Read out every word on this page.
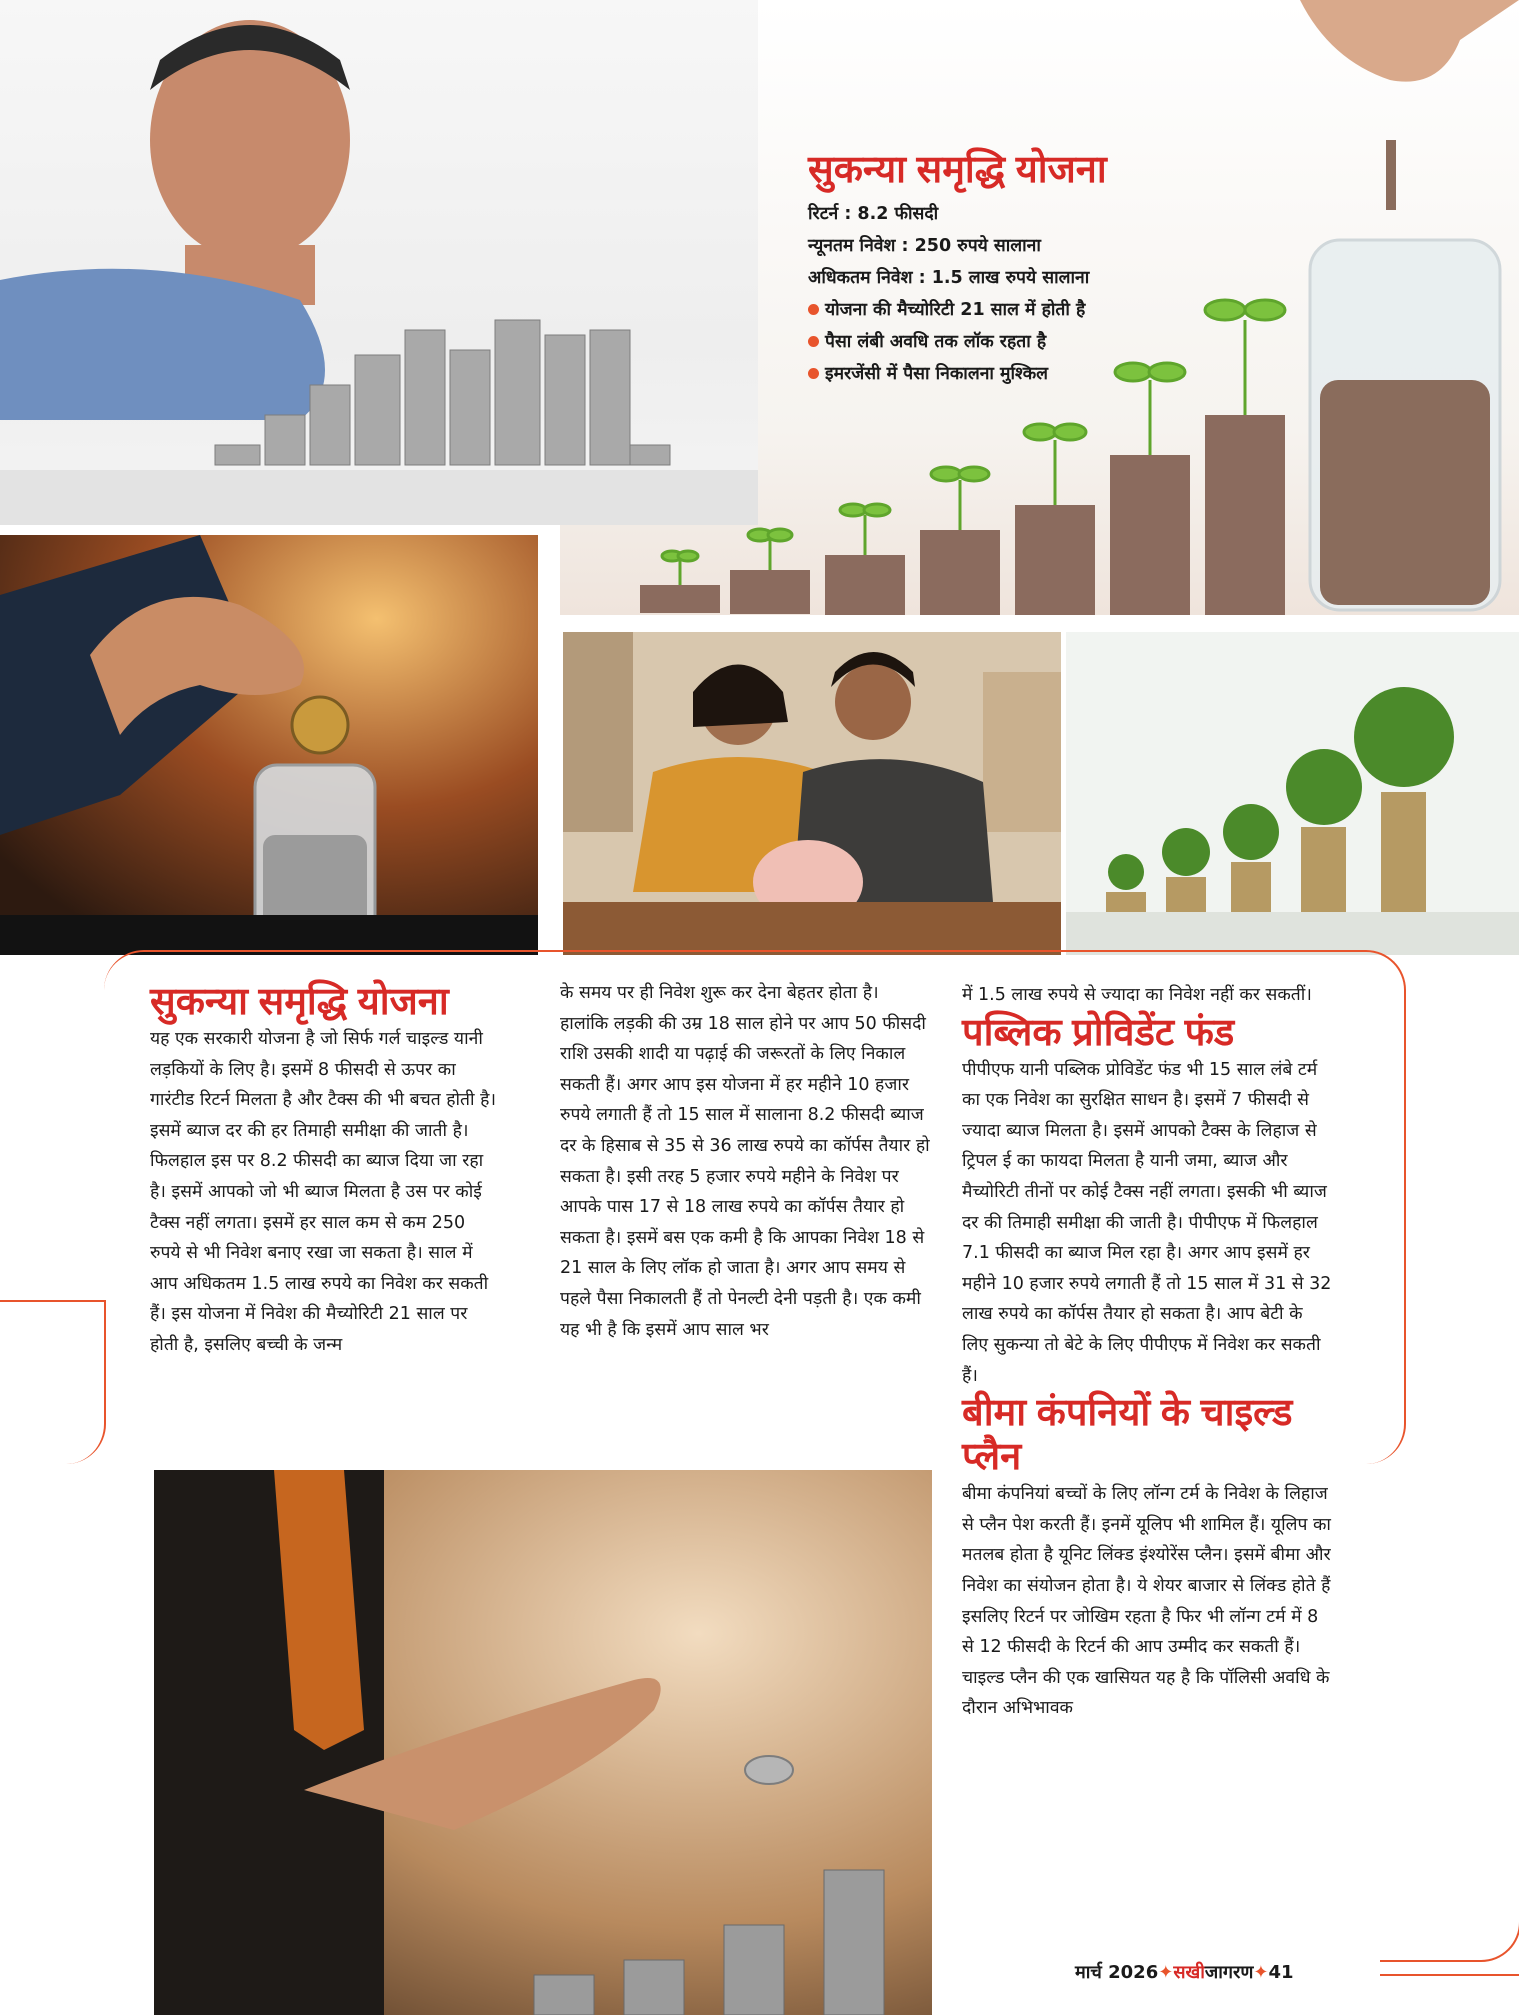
सुकन्या समृद्धि योजना
रिटर्न : 8.2 फीसदी
न्यूनतम निवेश : 250 रुपये सालाना
अधिकतम निवेश : 1.5 लाख रुपये सालाना
योजना की मैच्योरिटी 21 साल में होती है
पैसा लंबी अवधि तक लॉक रहता है
इमरजेंसी में पैसा निकालना मुश्किल
सुकन्या समृद्धि योजना

यह एक सरकारी योजना है जो सिर्फ गर्ल चाइल्ड यानी लड़कियों के लिए है। इसमें 8 फीसदी से ऊपर का गारंटीड रिटर्न मिलता है और टैक्स की भी बचत होती है। इसमें ब्याज दर की हर तिमाही समीक्षा की जाती है। फिलहाल इस पर 8.2 फीसदी का ब्याज दिया जा रहा है। इसमें आपको जो भी ब्याज मिलता है उस पर कोई टैक्स नहीं लगता। इसमें हर साल कम से कम 250 रुपये से भी निवेश बनाए रखा जा सकता है। साल में आप अधिकतम 1.5 लाख रुपये का निवेश कर सकती हैं। इस योजना में निवेश की मैच्योरिटी 21 साल पर होती है, इसलिए बच्ची के जन्म

के समय पर ही निवेश शुरू कर देना बेहतर होता है। हालांकि लड़की की उम्र 18 साल होने पर आप 50 फीसदी राशि उसकी शादी या पढ़ाई की जरूरतों के लिए निकाल सकती हैं। अगर आप इस योजना में हर महीने 10 हजार रुपये लगाती हैं तो 15 साल में सालाना 8.2 फीसदी ब्याज दर के हिसाब से 35 से 36 लाख रुपये का कॉर्पस तैयार हो सकता है। इसी तरह 5 हजार रुपये महीने के निवेश पर आपके पास 17 से 18 लाख रुपये का कॉर्पस तैयार हो सकता है। इसमें बस एक कमी है कि आपका निवेश 18 से 21 साल के लिए लॉक हो जाता है। अगर आप समय से पहले पैसा निकालती हैं तो पेनल्टी देनी पड़ती है। एक कमी यह भी है कि इसमें आप साल भर

में 1.5 लाख रुपये से ज्यादा का निवेश नहीं कर सकतीं।

पब्लिक प्रोविडेंट फंड

पीपीएफ यानी पब्लिक प्रोविडेंट फंड भी 15 साल लंबे टर्म का एक निवेश का सुरक्षित साधन है। इसमें 7 फीसदी से ज्यादा ब्याज मिलता है। इसमें आपको टैक्स के लिहाज से ट्रिपल ई का फायदा मिलता है यानी जमा, ब्याज और मैच्योरिटी तीनों पर कोई टैक्स नहीं लगता। इसकी भी ब्याज दर की तिमाही समीक्षा की जाती है। पीपीएफ में फिलहाल 7.1 फीसदी का ब्याज मिल रहा है। अगर आप इसमें हर महीने 10 हजार रुपये लगाती हैं तो 15 साल में 31 से 32 लाख रुपये का कॉर्पस तैयार हो सकता है। आप बेटी के लिए सुकन्या तो बेटे के लिए पीपीएफ में निवेश कर सकती हैं।

बीमा कंपनियों के चाइल्ड प्लैन

बीमा कंपनियां बच्चों के लिए लॉन्ग टर्म के निवेश के लिहाज से प्लैन पेश करती हैं। इनमें यूलिप भी शामिल हैं। यूलिप का मतलब होता है यूनिट लिंक्ड इंश्योरेंस प्लैन। इसमें बीमा और निवेश का संयोजन होता है। ये शेयर बाजार से लिंक्ड होते हैं इसलिए रिटर्न पर जोखिम रहता है फिर भी लॉन्ग टर्म में 8 से 12 फीसदी के रिटर्न की आप उम्मीद कर सकती हैं। चाइल्ड प्लैन की एक खासियत यह है कि पॉलिसी अवधि के दौरान अभिभावक

मार्च 2026✦सखीजागरण✦41
